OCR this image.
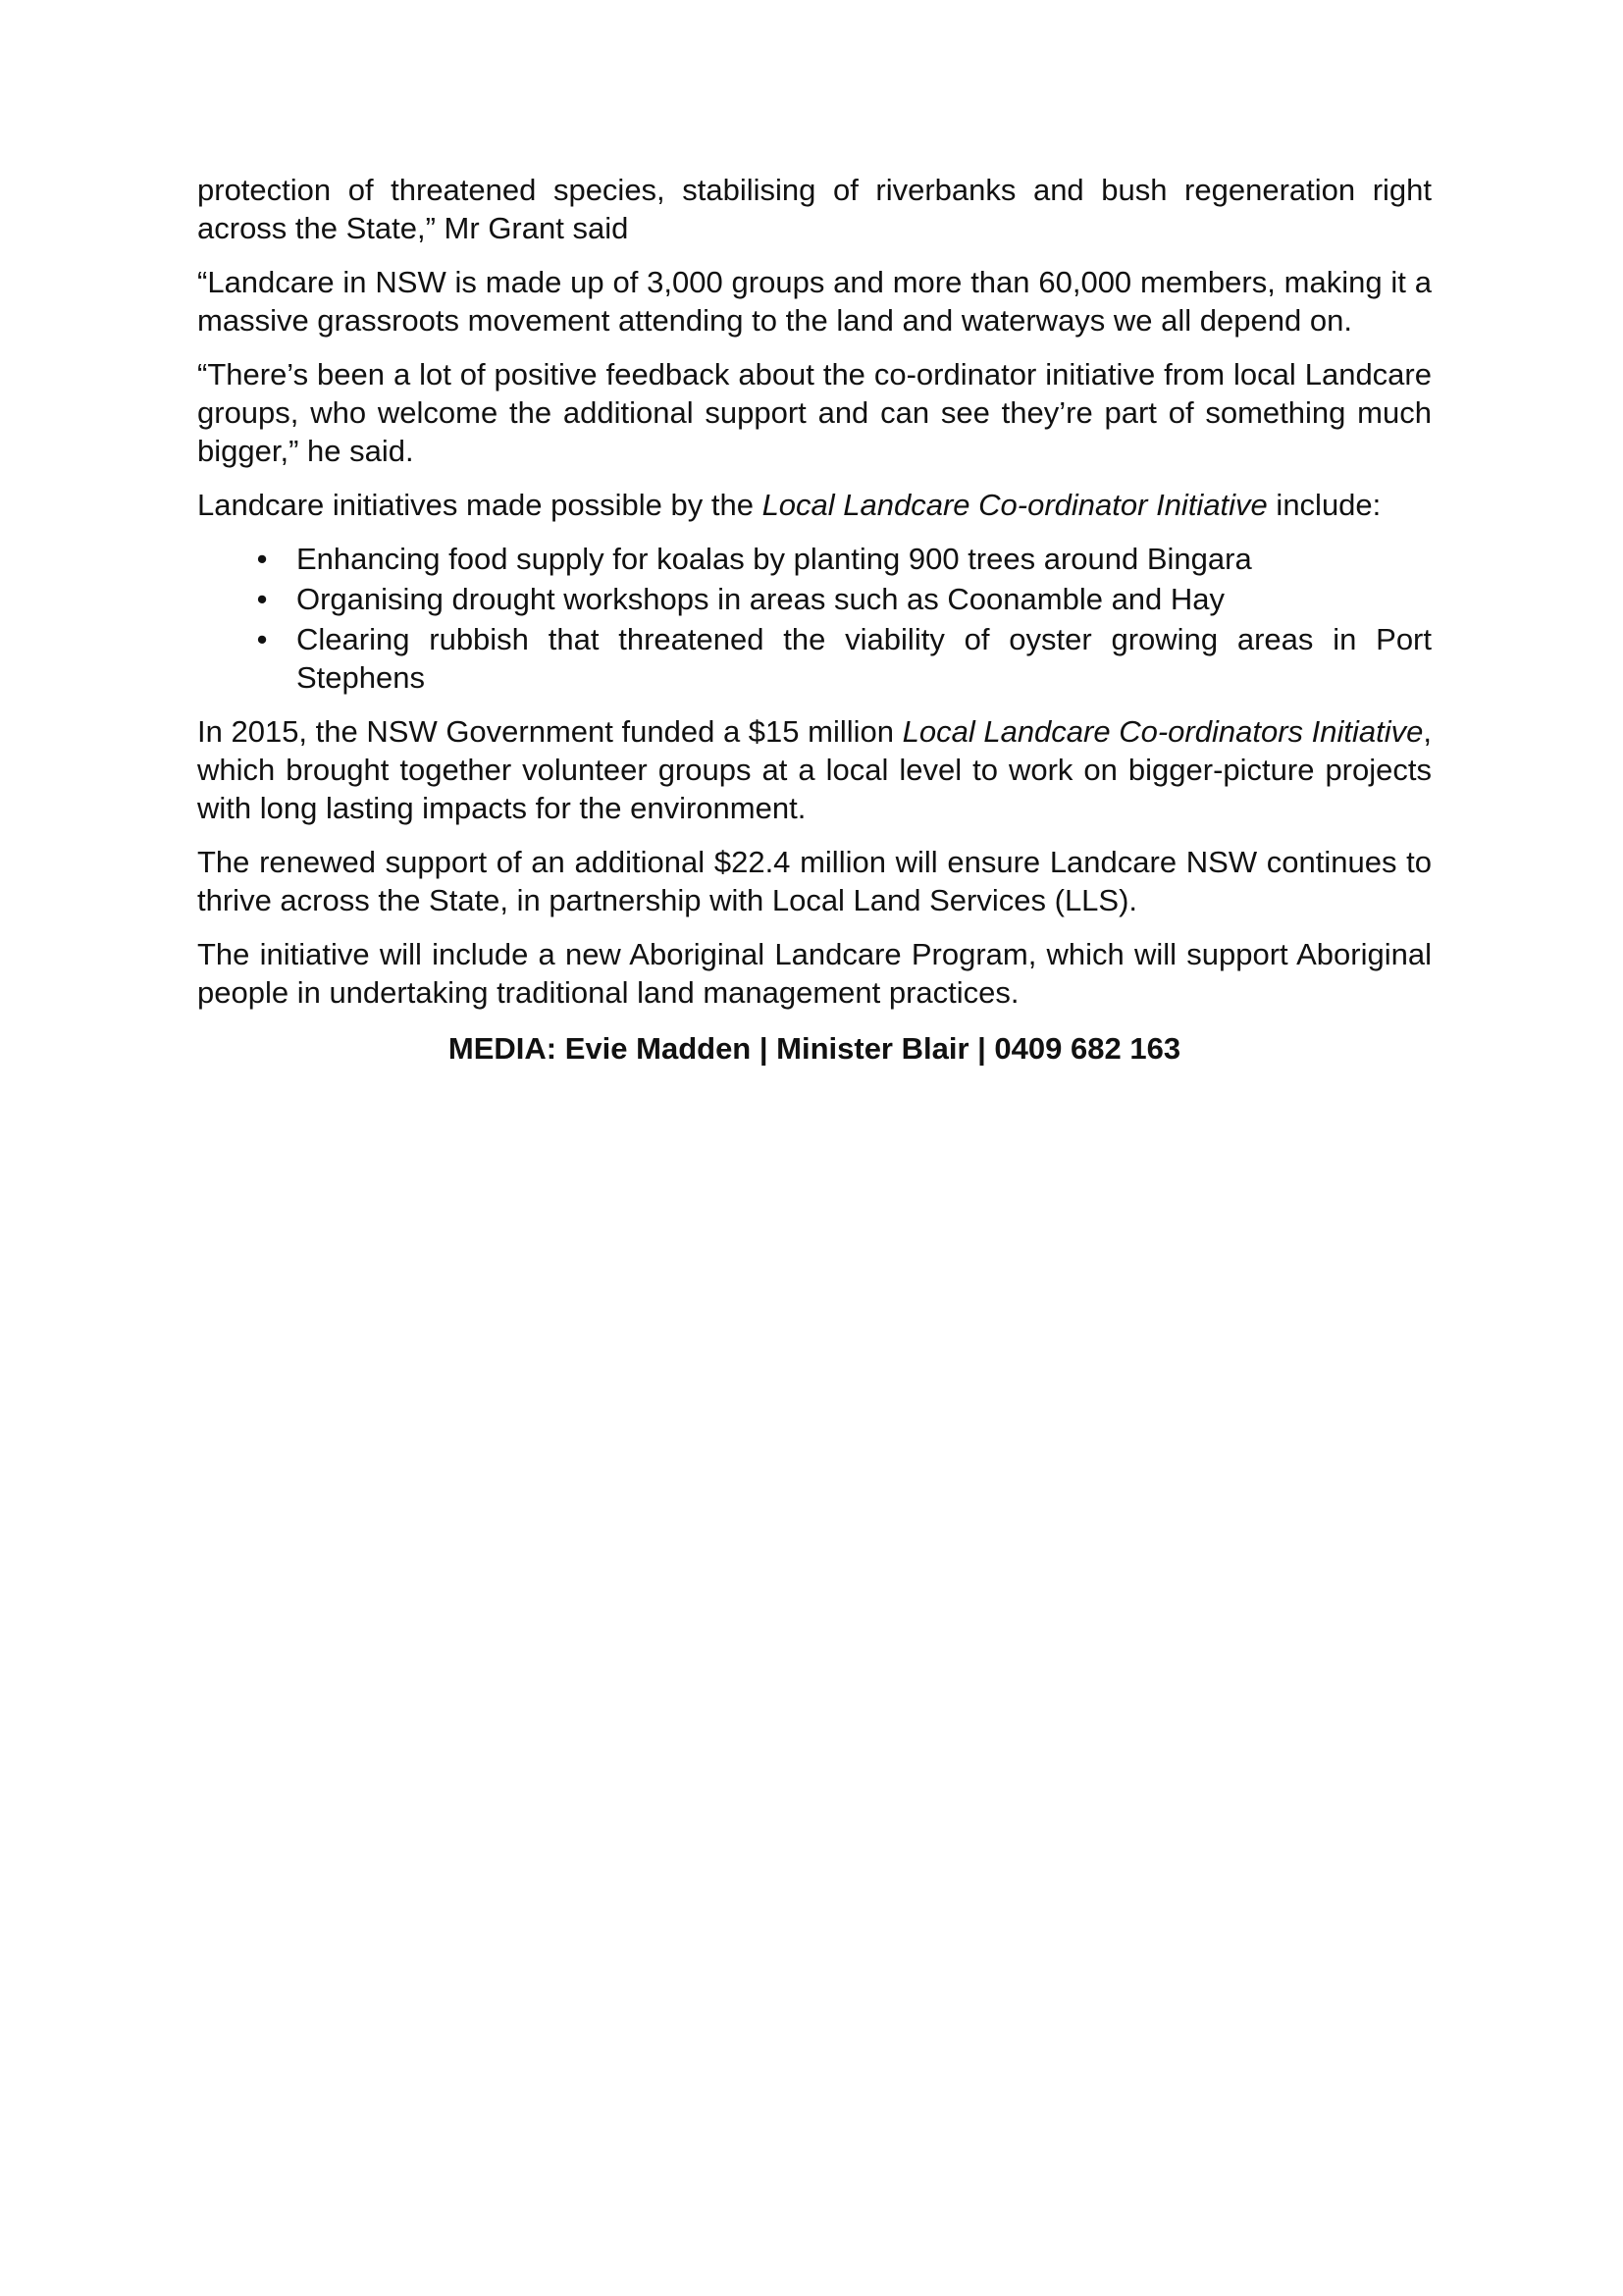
protection of threatened species, stabilising of riverbanks and bush regeneration right across the State,” Mr Grant said

“Landcare in NSW is made up of 3,000 groups and more than 60,000 members, making it a massive grassroots movement attending to the land and waterways we all depend on.

“There’s been a lot of positive feedback about the co-ordinator initiative from local Landcare groups, who welcome the additional support and can see they’re part of something much bigger,” he said.

Landcare initiatives made possible by the Local Landcare Co-ordinator Initiative include:

• Enhancing food supply for koalas by planting 900 trees around Bingara
• Organising drought workshops in areas such as Coonamble and Hay
• Clearing rubbish that threatened the viability of oyster growing areas in Port Stephens

In 2015, the NSW Government funded a $15 million Local Landcare Co-ordinators Initiative, which brought together volunteer groups at a local level to work on bigger-picture projects with long lasting impacts for the environment.

The renewed support of an additional $22.4 million will ensure Landcare NSW continues to thrive across the State, in partnership with Local Land Services (LLS).

The initiative will include a new Aboriginal Landcare Program, which will support Aboriginal people in undertaking traditional land management practices.

MEDIA: Evie Madden | Minister Blair | 0409 682 163
